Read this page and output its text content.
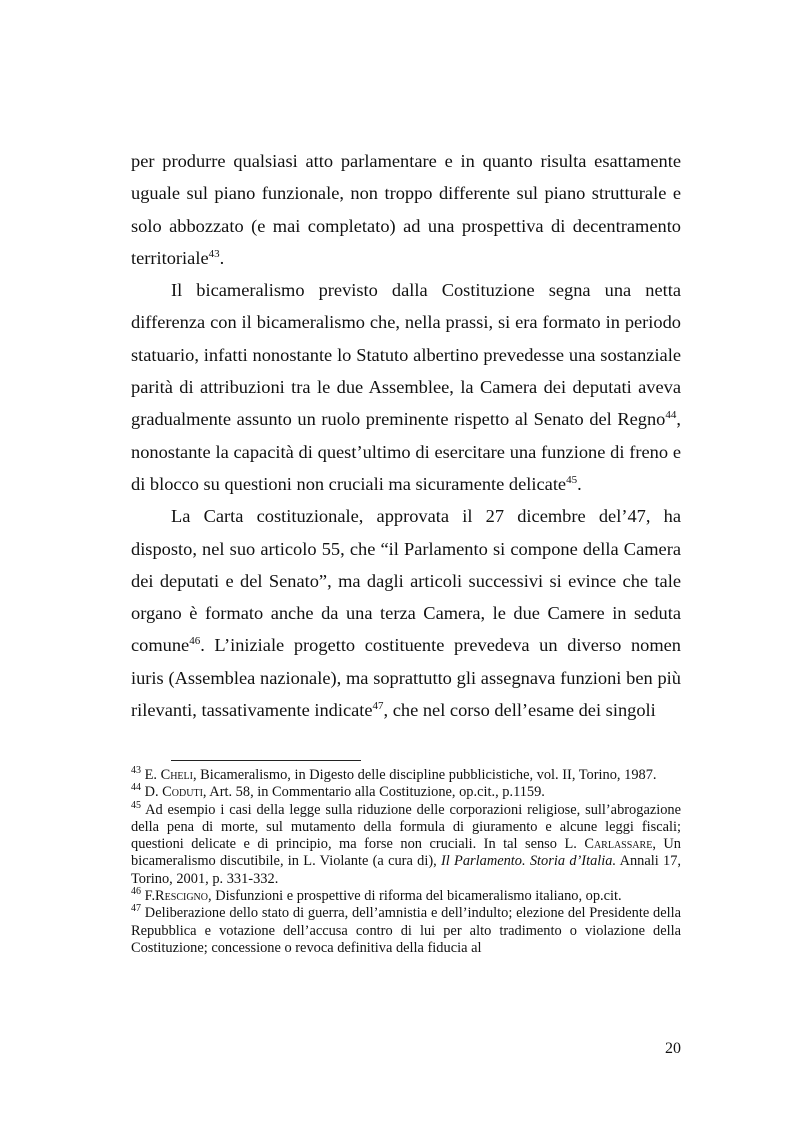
per produrre qualsiasi atto parlamentare e in quanto risulta esattamente uguale sul piano funzionale, non troppo differente sul piano strutturale e solo abbozzato (e mai completato) ad una prospettiva di decentramento territoriale$^{43}$.

Il bicameralismo previsto dalla Costituzione segna una netta differenza con il bicameralismo che, nella prassi, si era formato in periodo statuario, infatti nonostante lo Statuto albertino prevedesse una sostanziale parità di attribuzioni tra le due Assemblee, la Camera dei deputati aveva gradualmente assunto un ruolo preminente rispetto al Senato del Regno$^{44}$, nonostante la capacità di quest’ultimo di esercitare una funzione di freno e di blocco su questioni non cruciali ma sicuramente delicate$^{45}$.

La Carta costituzionale, approvata il 27 dicembre del’47, ha disposto, nel suo articolo 55, che “il Parlamento si compone della Camera dei deputati e del Senato”, ma dagli articoli successivi si evince che tale organo è formato anche da una terza Camera, le due Camere in seduta comune$^{46}$. L’iniziale progetto costituente prevedeva un diverso nomen iuris (Assemblea nazionale), ma soprattutto gli assegnava funzioni ben più rilevanti, tassativamente indicate$^{47}$, che nel corso dell’esame dei singoli

$^{43}$ E. Cheli, Bicameralismo, in Digesto delle discipline pubblicistiche, vol. II, Torino, 1987.

$^{44}$ D. Coduti, Art. 58, in Commentario alla Costituzione, op.cit., p.1159.

$^{45}$ Ad esempio i casi della legge sulla riduzione delle corporazioni religiose, sull’abrogazione della pena di morte, sul mutamento della formula di giuramento e alcune leggi fiscali; questioni delicate e di principio, ma forse non cruciali. In tal senso L. Carlassare, Un bicameralismo discutibile, in L. Violante (a cura di), Il Parlamento. Storia d’Italia. Annali 17, Torino, 2001, p. 331-332.

$^{46}$ F.Rescigno, Disfunzioni e prospettive di riforma del bicameralismo italiano, op.cit.

$^{47}$ Deliberazione dello stato di guerra, dell’amnistia e dell’indulto; elezione del Presidente della Repubblica e votazione dell’accusa contro di lui per alto tradimento o violazione della Costituzione; concessione o revoca definitiva della fiducia al

20
